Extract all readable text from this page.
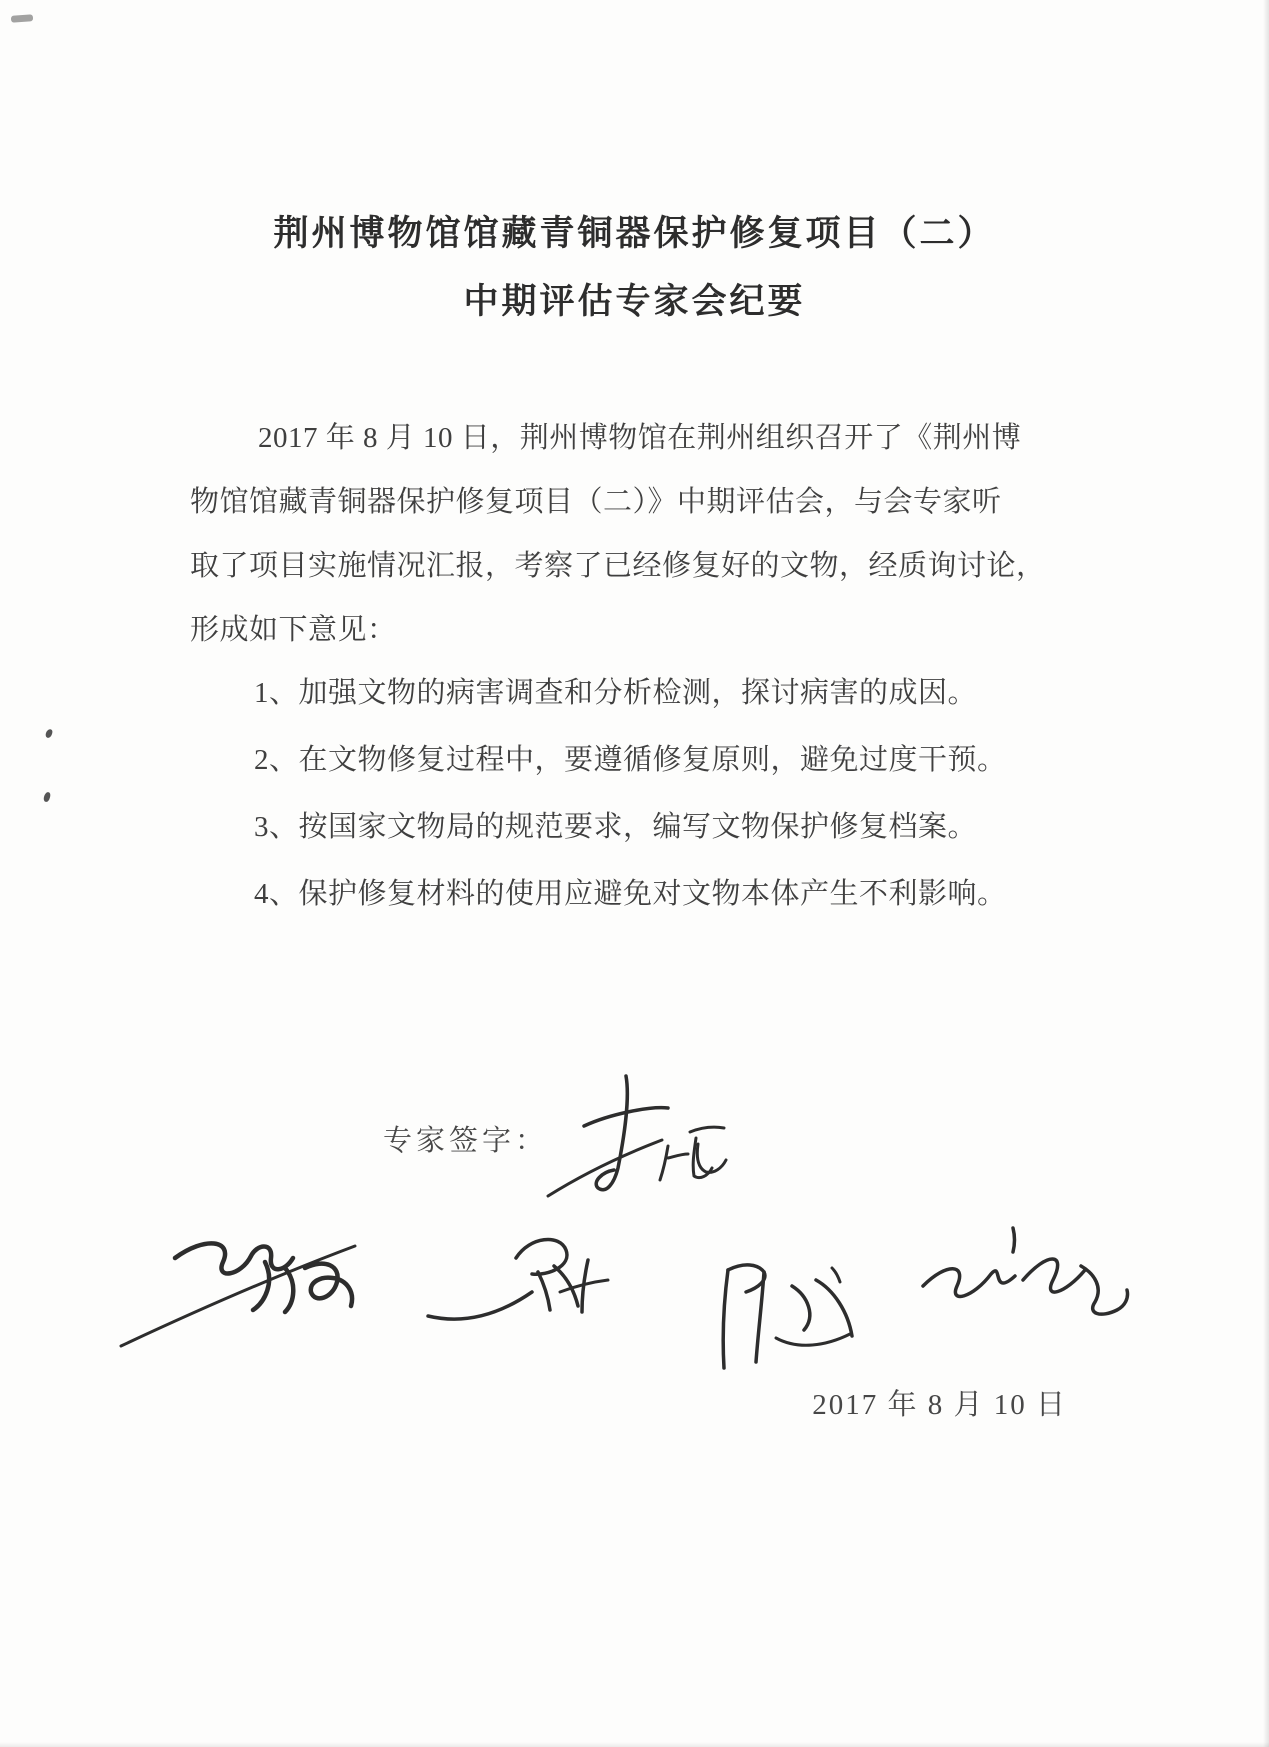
荆州博物馆馆藏青铜器保护修复项目（二）
中期评估专家会纪要
2017 年 8 月 10 日，荆州博物馆在荆州组织召开了《荆州博
物馆馆藏青铜器保护修复项目（二）》中期评估会，与会专家听
取了项目实施情况汇报，考察了已经修复好的文物，经质询讨论，
形成如下意见：
1、加强文物的病害调查和分析检测，探讨病害的成因。
2、在文物修复过程中，要遵循修复原则，避免过度干预。
3、按国家文物局的规范要求，编写文物保护修复档案。
4、保护修复材料的使用应避免对文物本体产生不利影响。
专家签字：
2017 年 8 月 10 日
